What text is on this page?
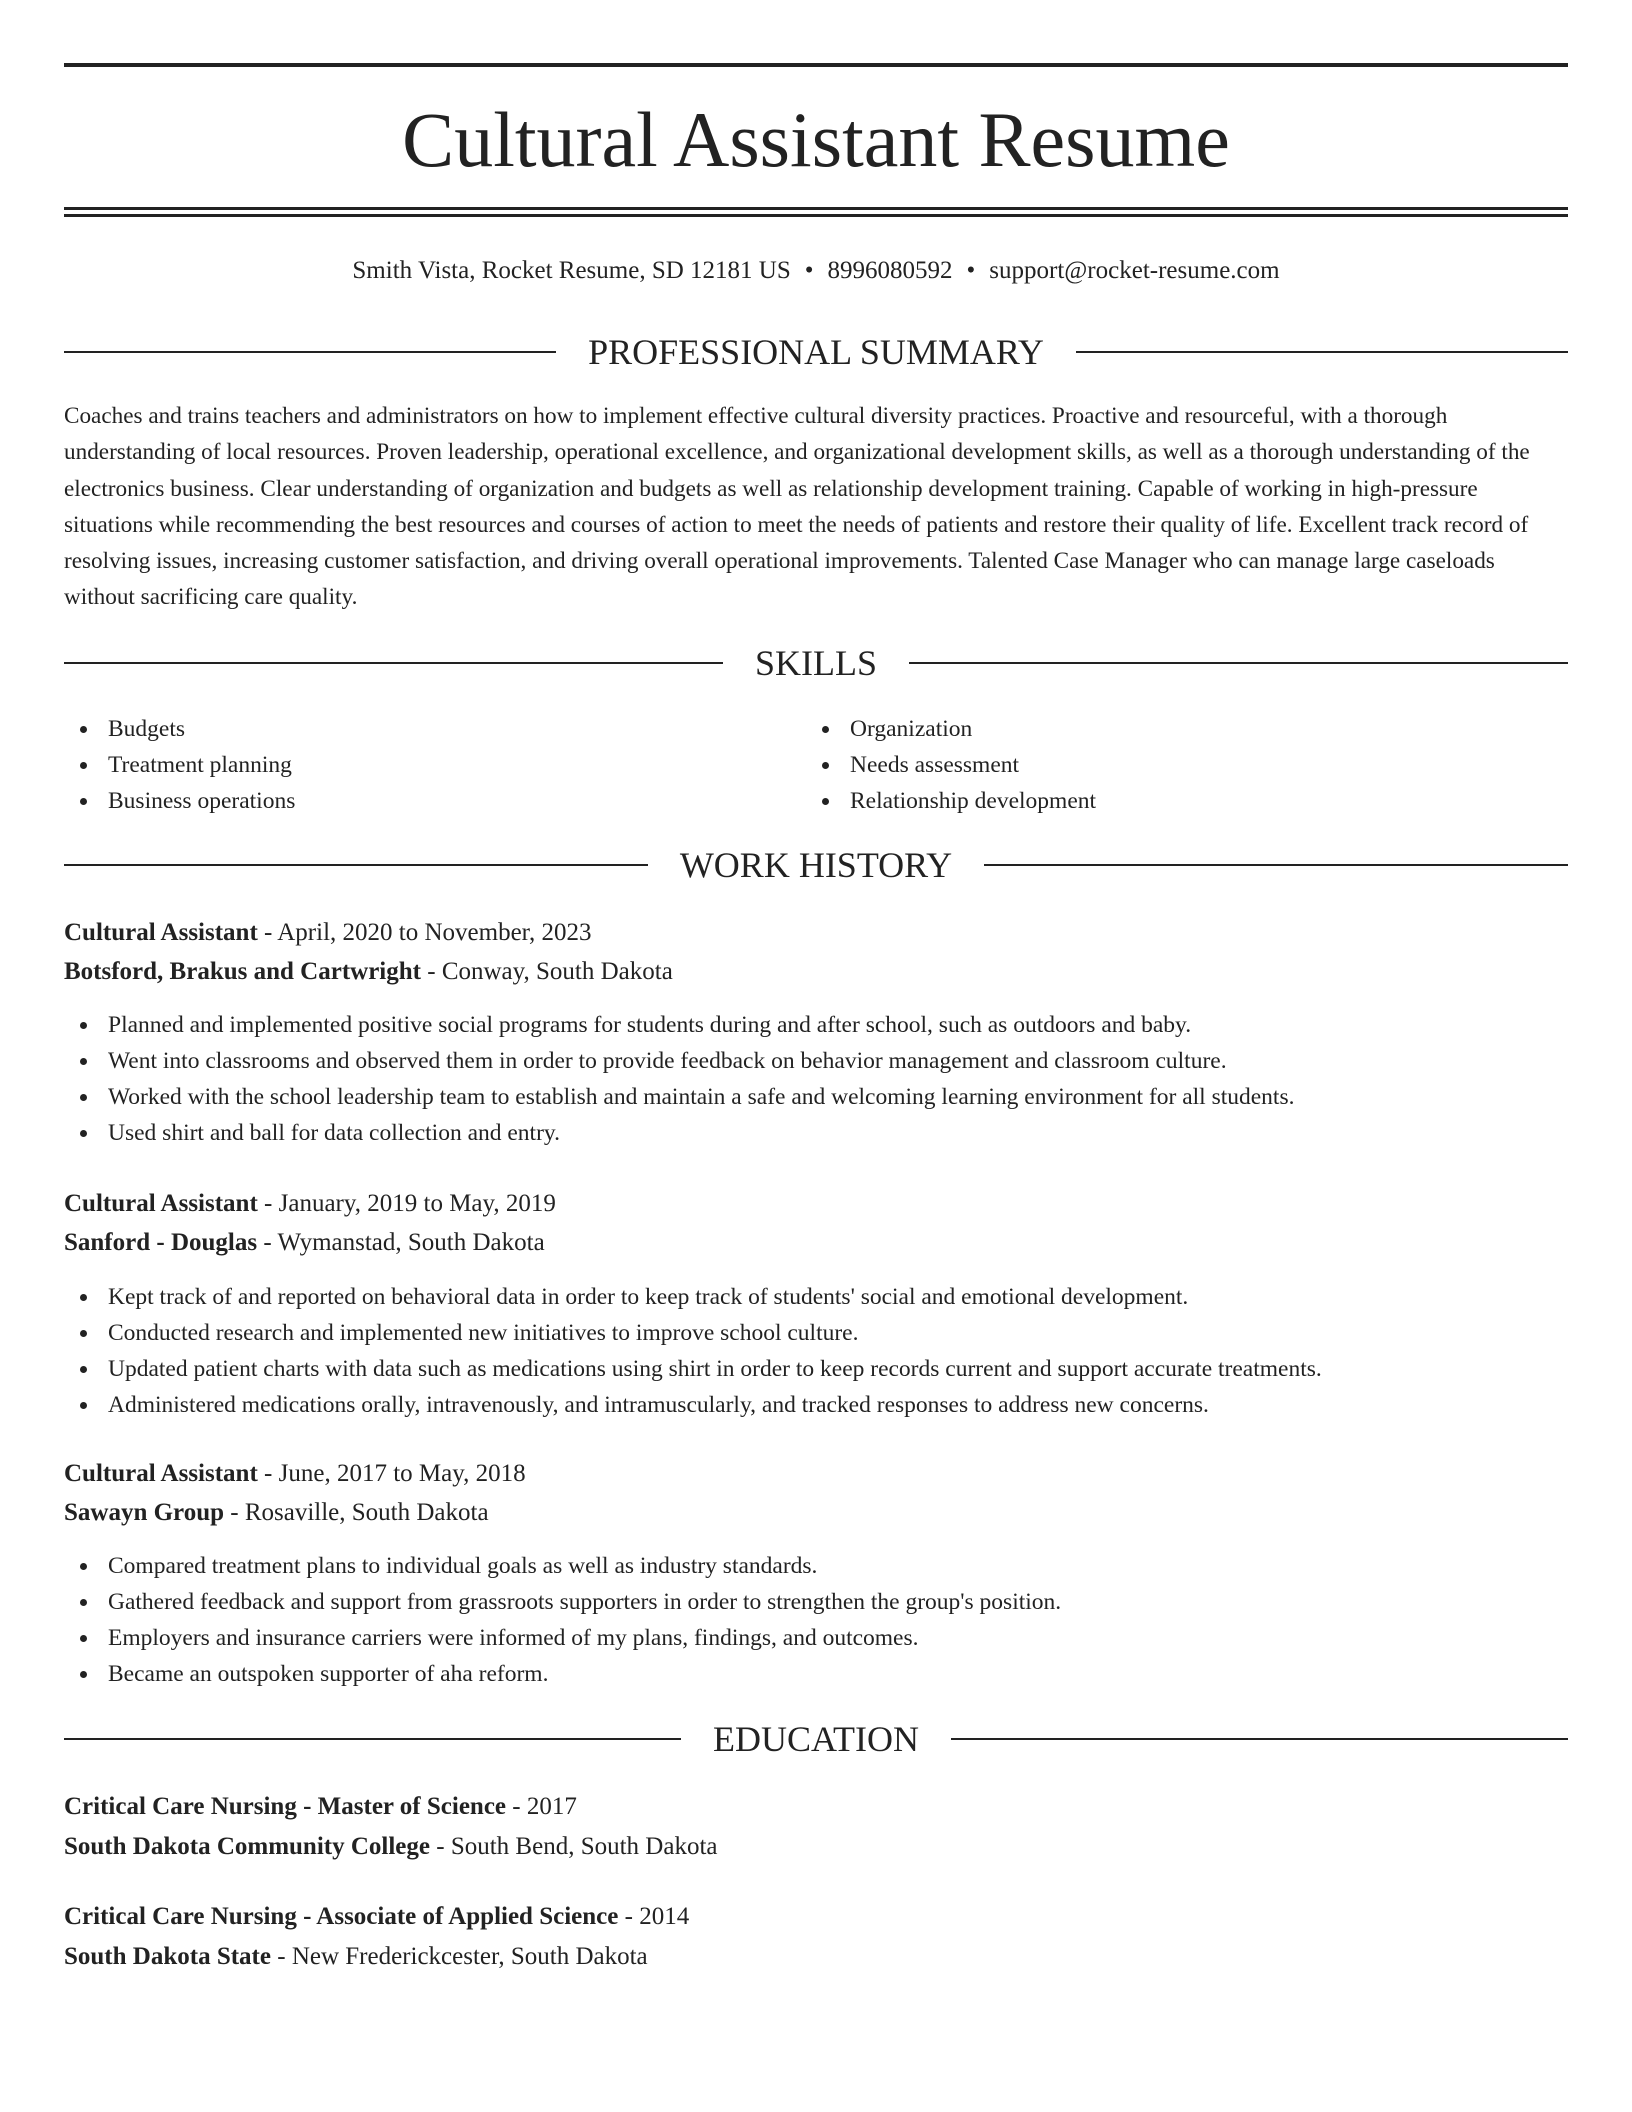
Cultural Assistant Resume
Smith Vista, Rocket Resume, SD 12181 US • 8996080592 • support@rocket-resume.com
PROFESSIONAL SUMMARY

Coaches and trains teachers and administrators on how to implement effective cultural diversity practices. Proactive and resourceful, with a thorough understanding of local resources. Proven leadership, operational excellence, and organizational development skills, as well as a thorough understanding of the electronics business. Clear understanding of organization and budgets as well as relationship development training. Capable of working in high-pressure situations while recommending the best resources and courses of action to meet the needs of patients and restore their quality of life. Excellent track record of resolving issues, increasing customer satisfaction, and driving overall operational improvements. Talented Case Manager who can manage large caseloads without sacrificing care quality.

SKILLS
Budgets
Treatment planning
Business operations
Organization
Needs assessment
Relationship development
WORK HISTORY
Cultural Assistant - April, 2020 to November, 2023
Botsford, Brakus and Cartwright - Conway, South Dakota
Planned and implemented positive social programs for students during and after school, such as outdoors and baby.
Went into classrooms and observed them in order to provide feedback on behavior management and classroom culture.
Worked with the school leadership team to establish and maintain a safe and welcoming learning environment for all students.
Used shirt and ball for data collection and entry.
Cultural Assistant - January, 2019 to May, 2019
Sanford - Douglas - Wymanstad, South Dakota
Kept track of and reported on behavioral data in order to keep track of students' social and emotional development.
Conducted research and implemented new initiatives to improve school culture.
Updated patient charts with data such as medications using shirt in order to keep records current and support accurate treatments.
Administered medications orally, intravenously, and intramuscularly, and tracked responses to address new concerns.
Cultural Assistant - June, 2017 to May, 2018
Sawayn Group - Rosaville, South Dakota
Compared treatment plans to individual goals as well as industry standards.
Gathered feedback and support from grassroots supporters in order to strengthen the group's position.
Employers and insurance carriers were informed of my plans, findings, and outcomes.
Became an outspoken supporter of aha reform.
EDUCATION
Critical Care Nursing - Master of Science - 2017
South Dakota Community College - South Bend, South Dakota
Critical Care Nursing - Associate of Applied Science - 2014
South Dakota State - New Frederickcester, South Dakota
